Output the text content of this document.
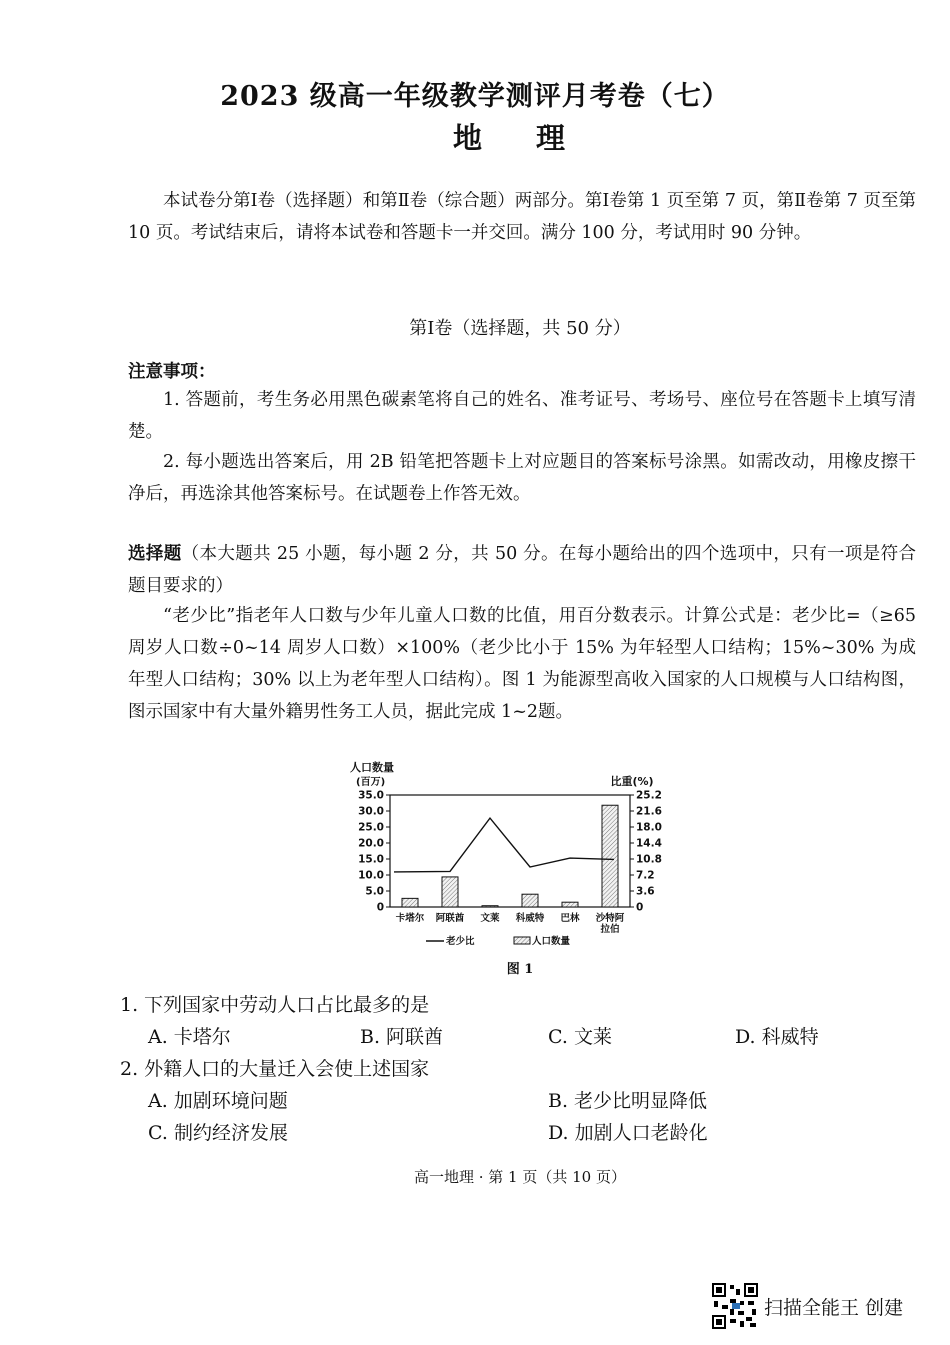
2023 级高一年级教学测评月考卷（七）
地 理
本试卷分第Ⅰ卷（选择题）和第Ⅱ卷（综合题）两部分。第Ⅰ卷第 1 页至第 7 页，第Ⅱ卷第 7 页至第 10 页。考试结束后，请将本试卷和答题卡一并交回。满分 100 分，考试用时 90 分钟。
第Ⅰ卷（选择题，共 50 分）
注意事项：
1. 答题前，考生务必用黑色碳素笔将自己的姓名、准考证号、考场号、座位号在答题卡上填写清楚。
2. 每小题选出答案后，用 2B 铅笔把答题卡上对应题目的答案标号涂黑。如需改动，用橡皮擦干净后，再选涂其他答案标号。在试题卷上作答无效。
选择题（本大题共 25 小题，每小题 2 分，共 50 分。在每小题给出的四个选项中，只有一项是符合题目要求的）
“老少比”指老年人口数与少年儿童人口数的比值，用百分数表示。计算公式是：老少比=（≥65 周岁人口数÷0~14 周岁人口数）×100%（老少比小于 15% 为年轻型人口结构；15%~30% 为成年型人口结构；30% 以上为老年型人口结构）。图 1 为能源型高收入国家的人口规模与人口结构图，图示国家中有大量外籍男性务工人员，据此完成 1~2题。
35.0
30.0
25.0
20.0
15.0
10.0
5.0
0
25.2
21.6
18.0
14.4
10.8
7.2
3.6
0
人口数量
(百万)	比重(%)
卡塔尔 阿联酋 文莱 科威特 巴林 沙特阿
拉伯
老少比	人口数量
图 1
1. 下列国家中劳动人口占比最多的是
A. 卡塔尔	B. 阿联酋	C. 文莱	D. 科威特
2. 外籍人口的大量迁入会使上述国家
A. 加剧环境问题	B. 老少比明显降低
C. 制约经济发展	D. 加剧人口老龄化
高一地理 · 第 1 页（共 10 页）
扫描全能王 创建
